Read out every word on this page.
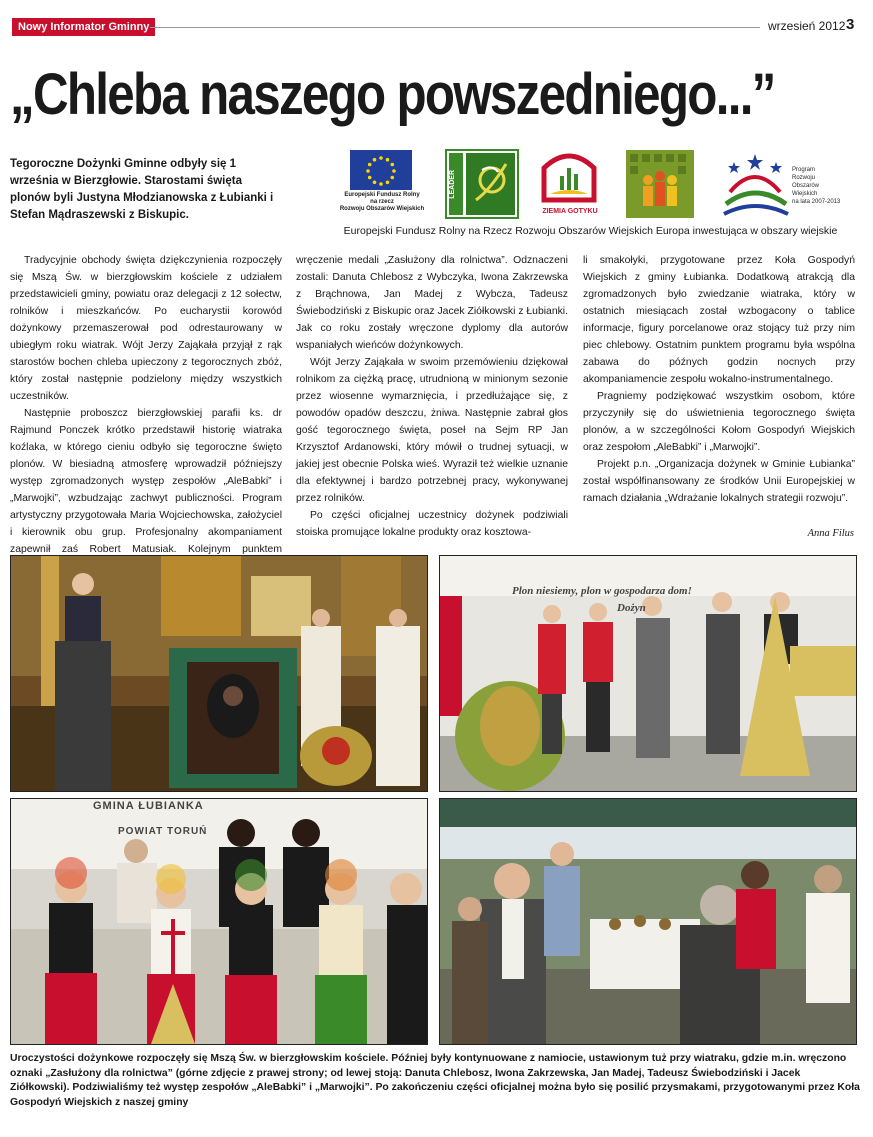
Nowy Informator Gminny	wrzesień 2012 3
„Chleba naszego powszedniego...”
Tegoroczne Dożynki Gminne odbyły się 1 września w Bierzgłowie. Starostami święta plonów byli Justyna Młodzianowska z Łubianki i Stefan Mądraszewski z Biskupic.
Europejski Fundusz Rolny
na rzecz
Rozwoju Obszarów Wiejskich
LEADER
ZIEMIA GOTYKU
Program
Rozwoju
Obszarów
Wiejskich
na lata 2007-2013
Europejski Fundusz Rolny na Rzecz Rozwoju Obszarów Wiejskich Europa inwestująca w obszary wiejskie

Tradycyjnie obchody święta dziękczynienia rozpoczęły się Mszą Św. w bierzgłowskim kościele z udziałem przedstawicieli gminy, powiatu oraz delegacji z 12 sołectw, rolników i mieszkańców. Po eucharystii korowód dożynkowy przemaszerował pod odrestaurowany w ubiegłym roku wiatrak. Wójt Jerzy Zająkała przyjął z rąk starostów bochen chleba upieczony z tegorocznych zbóż, który został następnie podzielony między wszystkich uczestników.

Następnie proboszcz bierzgłowskiej parafii ks. dr Rajmund Ponczek krótko przedstawił historię wiatraka koźlaka, w którego cieniu odbyło się tegoroczne święto plonów. W biesiadną atmosferę wprowadził późniejszy występ zgromadzonych występ zespołów „AleBabki” i „Marwojki”, wzbudzając zachwyt publiczności. Program artystyczny przygotowała Maria Wojciechowska, założyciel i kierownik obu grup. Profesjonalny akompaniament zapewnił zaś Robert Matusiak. Kolejnym punktem

wręczenie medali „Zasłużony dla rolnictwa”. Odznaczeni zostali: Danuta Chlebosz z Wybczyka, Iwona Zakrzewska z Brąchnowa, Jan Madej z Wybcza, Tadeusz Świebodziński z Biskupic oraz Jacek Ziółkowski z Łubianki. Jak co roku zostały wręczone dyplomy dla autorów wspaniałych wieńców dożynkowych.

Wójt Jerzy Zająkała w swoim przemówieniu dziękował rolnikom za ciężką pracę, utrudnioną w minionym sezonie przez wiosenne wymarznięcia, i przedłużające się, z powodów opadów deszczu, żniwa. Następnie zabrał głos gość tegorocznego święta, poseł na Sejm RP Jan Krzysztof Ardanowski, który mówił o trudnej sytuacji, w jakiej jest obecnie Polska wieś. Wyraził też wielkie uznanie dla efektywnej i bardzo potrzebnej pracy, wykonywanej przez rolników.

Po części oficjalnej uczestnicy dożynek podziwiali stoiska promujące lokalne produkty oraz kosztowa-

li smakołyki, przygotowane przez Koła Gospodyń Wiejskich z gminy Łubianka. Dodatkową atrakcją dla zgromadzonych było zwiedzanie wiatraka, który w ostatnich miesiącach został wzbogacony o tablice informacje, figury porcelanowe oraz stojący tuż przy nim piec chlebowy. Ostatnim punktem programu była wspólna zabawa do późnych godzin nocnych przy akompaniamencie zespołu wokalno-instrumentalnego.

Pragniemy podziękować wszystkim osobom, które przyczyniły się do uświetnienia tegorocznego święta plonów, a w szczególności Kołom Gospodyń Wiejskich oraz zespołom „AleBabki” i „Marwojki”.

Projekt p.n. „Organizacja dożynek w Gminie Łubianka” został współfinansowany ze środków Unii Europejskiej w ramach działania „Wdrażanie lokalnych strategii rozwoju”.

Anna Filus
Plon niesiemy, plon w gospodarza dom!
Dożyn
GMINA ŁUBIANKA
POWIAT TORUŃ
Uroczystości dożynkowe rozpoczęły się Mszą Św. w bierzgłowskim kościele. Później były kontynuowane z namiocie, ustawionym tuż przy wiatraku, gdzie m.in. wręczono oznaki „Zasłużony dla rolnictwa” (górne zdjęcie z prawej strony; od lewej stoją: Danuta Chlebosz, Iwona Zakrzewska, Jan Madej, Tadeusz Świebodziński i Jacek Ziółkowski). Podziwialiśmy też występ zespołów „AleBabki” i „Marwojki”. Po zakończeniu części oficjalnej można było się posilić przysmakami, przygotowanymi przez Koła Gospodyń Wiejskich z naszej gminy
